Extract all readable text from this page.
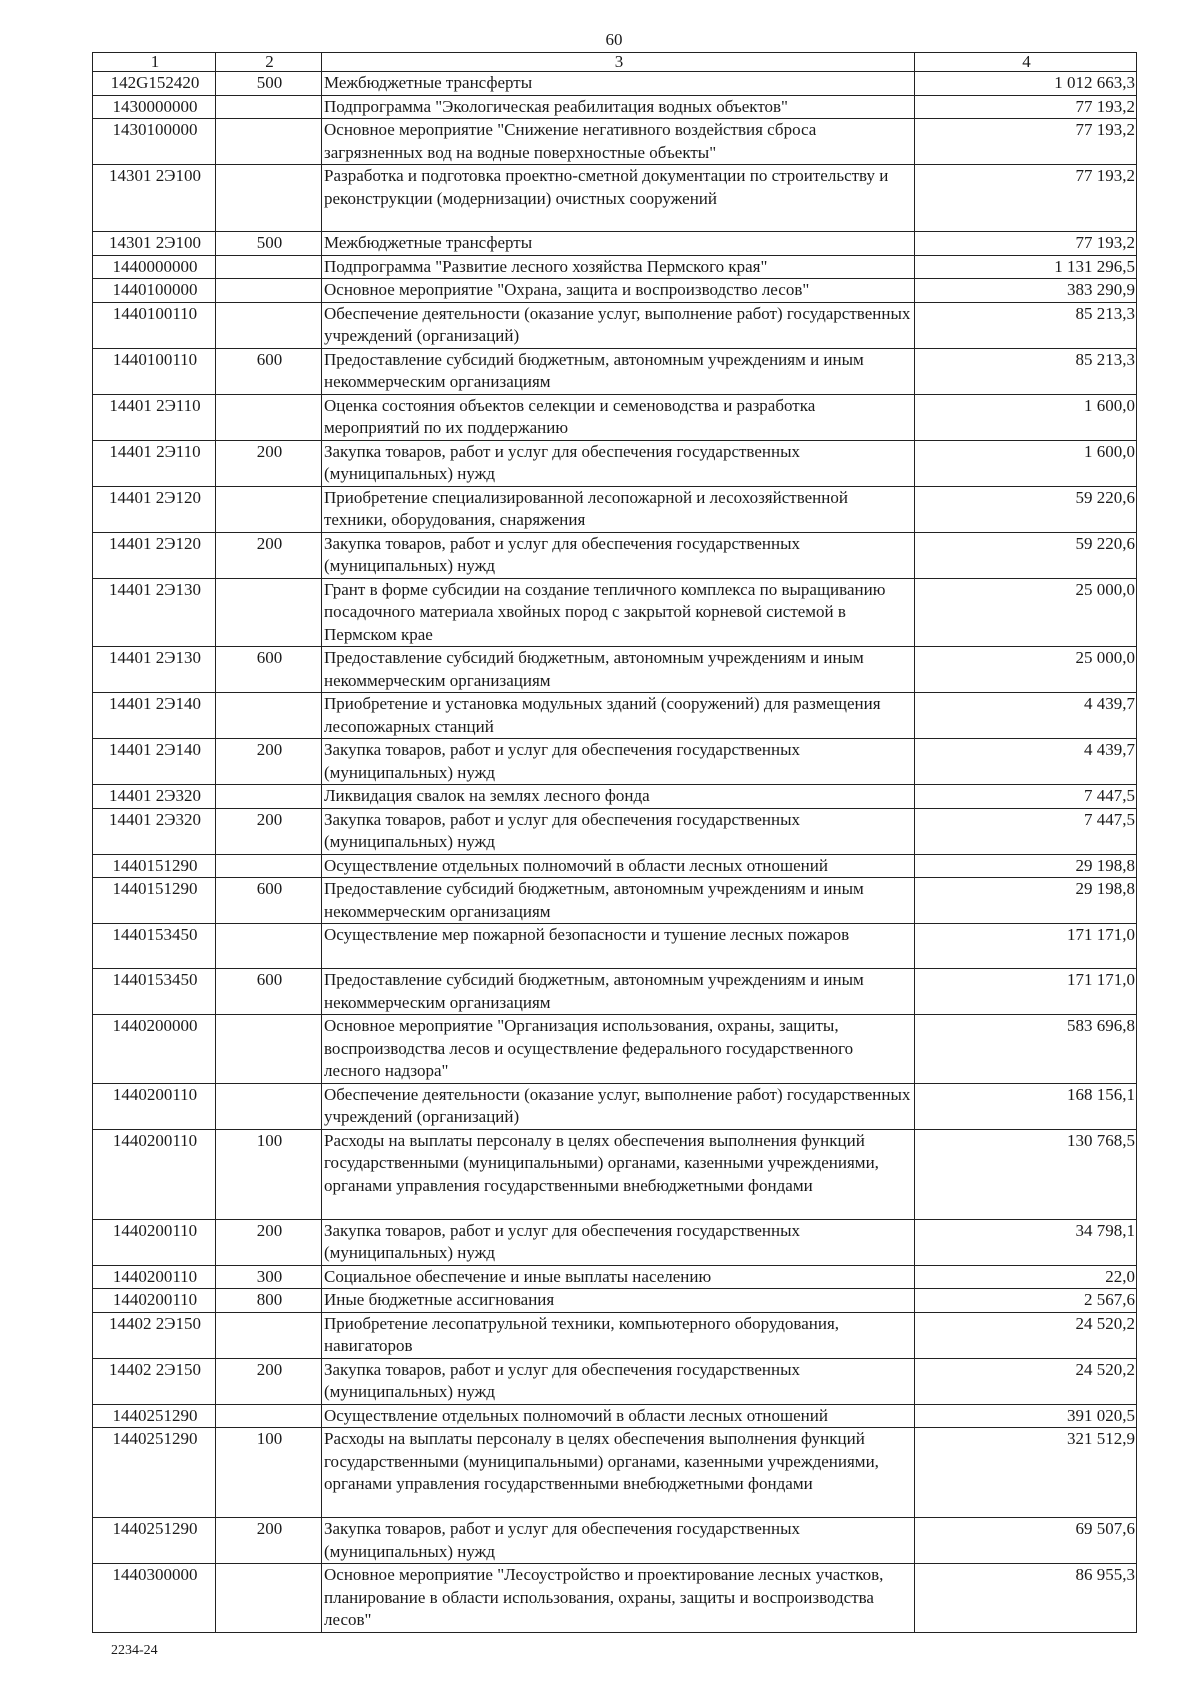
60
1	2	3	4
142G152420	500	Межбюджетные трансферты	1 012 663,3
1430000000		Подпрограмма "Экологическая реабилитация водных объектов"	77 193,2
1430100000		Основное мероприятие "Снижение негативного воздействия сброса загрязненных вод на водные поверхностные объекты"	77 193,2
14301 2Э100		Разработка и подготовка проектно-сметной документации по строительству и реконструкции (модернизации) очистных сооружений	77 193,2
14301 2Э100	500	Межбюджетные трансферты	77 193,2
1440000000		Подпрограмма "Развитие лесного хозяйства Пермского края"	1 131 296,5
1440100000		Основное мероприятие "Охрана, защита и воспроизводство лесов"	383 290,9
1440100110		Обеспечение деятельности (оказание услуг, выполнение работ) государственных учреждений (организаций)	85 213,3
1440100110	600	Предоставление субсидий бюджетным, автономным учреждениям и иным некоммерческим организациям	85 213,3
14401 2Э110		Оценка состояния объектов селекции и семеноводства и разработка мероприятий по их поддержанию	1 600,0
14401 2Э110	200	Закупка товаров, работ и услуг для обеспечения государственных (муниципальных) нужд	1 600,0
14401 2Э120		Приобретение специализированной лесопожарной и лесохозяйственной техники, оборудования, снаряжения	59 220,6
14401 2Э120	200	Закупка товаров, работ и услуг для обеспечения государственных (муниципальных) нужд	59 220,6
14401 2Э130		Грант в форме субсидии на создание тепличного комплекса по выращиванию посадочного материала хвойных пород с закрытой корневой системой в Пермском крае	25 000,0
14401 2Э130	600	Предоставление субсидий бюджетным, автономным учреждениям и иным некоммерческим организациям	25 000,0
14401 2Э140		Приобретение и установка модульных зданий (сооружений) для размещения лесопожарных станций	4 439,7
14401 2Э140	200	Закупка товаров, работ и услуг для обеспечения государственных (муниципальных) нужд	4 439,7
14401 2Э320		Ликвидация свалок на землях лесного фонда	7 447,5
14401 2Э320	200	Закупка товаров, работ и услуг для обеспечения государственных (муниципальных) нужд	7 447,5
1440151290		Осуществление отдельных полномочий в области лесных отношений	29 198,8
1440151290	600	Предоставление субсидий бюджетным, автономным учреждениям и иным некоммерческим организациям	29 198,8
1440153450		Осуществление мер пожарной безопасности и тушение лесных пожаров	171 171,0
1440153450	600	Предоставление субсидий бюджетным, автономным учреждениям и иным некоммерческим организациям	171 171,0
1440200000		Основное мероприятие "Организация использования, охраны, защиты, воспроизводства лесов и осуществление федерального государственного лесного надзора"	583 696,8
1440200110		Обеспечение деятельности (оказание услуг, выполнение работ) государственных учреждений (организаций)	168 156,1
1440200110	100	Расходы на выплаты персоналу в целях обеспечения выполнения функций государственными (муниципальными) органами, казенными учреждениями, органами управления государственными внебюджетными фондами	130 768,5
1440200110	200	Закупка товаров, работ и услуг для обеспечения государственных (муниципальных) нужд	34 798,1
1440200110	300	Социальное обеспечение и иные выплаты населению	22,0
1440200110	800	Иные бюджетные ассигнования	2 567,6
14402 2Э150		Приобретение лесопатрульной техники, компьютерного оборудования, навигаторов	24 520,2
14402 2Э150	200	Закупка товаров, работ и услуг для обеспечения государственных (муниципальных) нужд	24 520,2
1440251290		Осуществление отдельных полномочий в области лесных отношений	391 020,5
1440251290	100	Расходы на выплаты персоналу в целях обеспечения выполнения функций государственными (муниципальными) органами, казенными учреждениями, органами управления государственными внебюджетными фондами	321 512,9
1440251290	200	Закупка товаров, работ и услуг для обеспечения государственных (муниципальных) нужд	69 507,6
1440300000		Основное мероприятие "Лесоустройство и проектирование лесных участков, планирование в области использования, охраны, защиты и воспроизводства лесов"	86 955,3
2234-24
